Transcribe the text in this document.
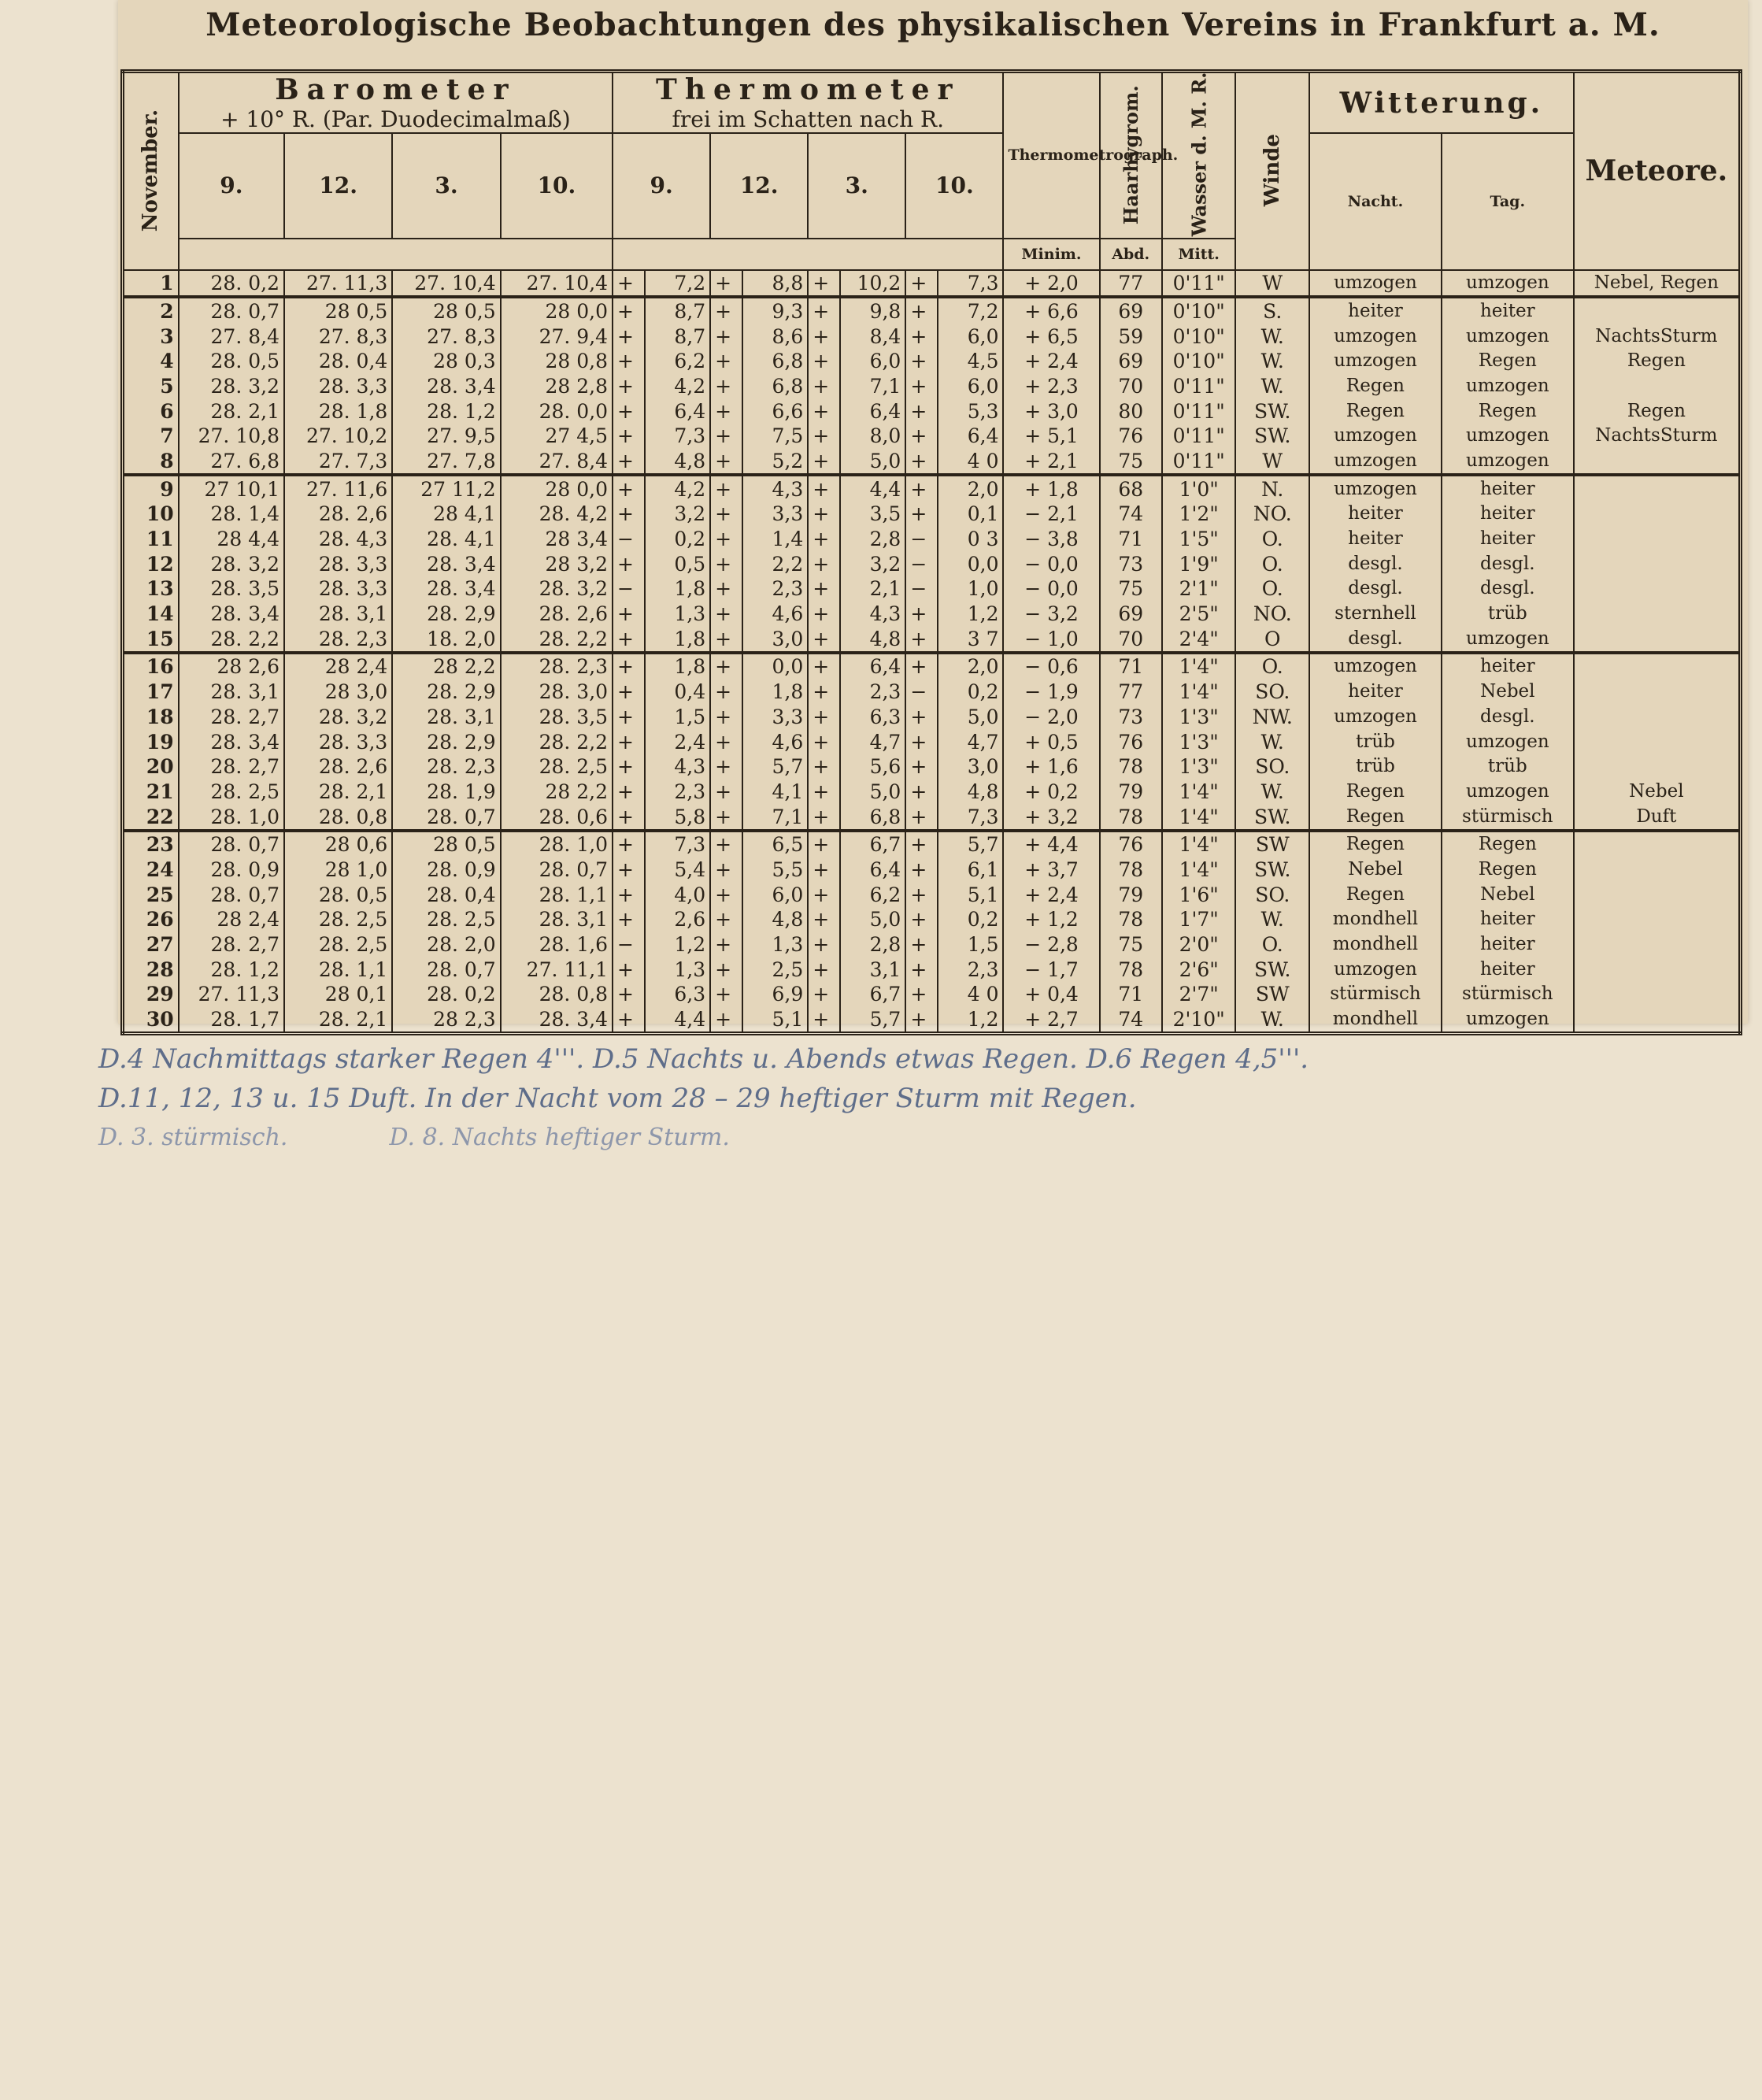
Meteorologische Beobachtungen des physikalischen Vereins in Frankfurt a. M.
November.	Barometer
+ 10° R. (Par. Duodecimalmaß)				Thermometer
frei im Schatten nach R.								Thermometrograph.	Haarhygrom.	Wasser d. M. R.	Winde	Witterung.		Meteore.
	9.	12.	3.	10.	9.		12.		3.		10.						Nacht.	Tag.	
													Minim.	Abd.	Mitt.				
1	28. 0,2	27. 11,3	27. 10,4	27. 10,4	+	7,2	+	8,8	+	10,2	+	7,3	+ 2,0	77	0'11"	W	umzogen	umzogen	Nebel, Regen
2	28. 0,7	28 0,5	28 0,5	28 0,0	+	8,7	+	9,3	+	9,8	+	7,2	+ 6,6	69	0'10"	S.	heiter	heiter	
3	27. 8,4	27. 8,3	27. 8,3	27. 9,4	+	8,7	+	8,6	+	8,4	+	6,0	+ 6,5	59	0'10"	W.	umzogen	umzogen	NachtsSturm
4	28. 0,5	28. 0,4	28 0,3	28 0,8	+	6,2	+	6,8	+	6,0	+	4,5	+ 2,4	69	0'10"	W.	umzogen	Regen	Regen
5	28. 3,2	28. 3,3	28. 3,4	28 2,8	+	4,2	+	6,8	+	7,1	+	6,0	+ 2,3	70	0'11"	W.	Regen	umzogen	
6	28. 2,1	28. 1,8	28. 1,2	28. 0,0	+	6,4	+	6,6	+	6,4	+	5,3	+ 3,0	80	0'11"	SW.	Regen	Regen	Regen
7	27. 10,8	27. 10,2	27. 9,5	27 4,5	+	7,3	+	7,5	+	8,0	+	6,4	+ 5,1	76	0'11"	SW.	umzogen	umzogen	NachtsSturm
8	27. 6,8	27. 7,3	27. 7,8	27. 8,4	+	4,8	+	5,2	+	5,0	+	4 0	+ 2,1	75	0'11"	W	umzogen	umzogen	
9	27 10,1	27. 11,6	27 11,2	28 0,0	+	4,2	+	4,3	+	4,4	+	2,0	+ 1,8	68	1'0"	N.	umzogen	heiter	
10	28. 1,4	28. 2,6	28 4,1	28. 4,2	+	3,2	+	3,3	+	3,5	+	0,1	− 2,1	74	1'2"	NO.	heiter	heiter	
11	28 4,4	28. 4,3	28. 4,1	28 3,4	−	0,2	+	1,4	+	2,8	−	0 3	− 3,8	71	1'5"	O.	heiter	heiter	
12	28. 3,2	28. 3,3	28. 3,4	28 3,2	+	0,5	+	2,2	+	3,2	−	0,0	− 0,0	73	1'9"	O.	desgl.	desgl.	
13	28. 3,5	28. 3,3	28. 3,4	28. 3,2	−	1,8	+	2,3	+	2,1	−	1,0	− 0,0	75	2'1"	O.	desgl.	desgl.	
14	28. 3,4	28. 3,1	28. 2,9	28. 2,6	+	1,3	+	4,6	+	4,3	+	1,2	− 3,2	69	2'5"	NO.	sternhell	trüb	
15	28. 2,2	28. 2,3	18. 2,0	28. 2,2	+	1,8	+	3,0	+	4,8	+	3 7	− 1,0	70	2'4"	O	desgl.	umzogen	
16	28 2,6	28 2,4	28 2,2	28. 2,3	+	1,8	+	0,0	+	6,4	+	2,0	− 0,6	71	1'4"	O.	umzogen	heiter	
17	28. 3,1	28 3,0	28. 2,9	28. 3,0	+	0,4	+	1,8	+	2,3	−	0,2	− 1,9	77	1'4"	SO.	heiter	Nebel	
18	28. 2,7	28. 3,2	28. 3,1	28. 3,5	+	1,5	+	3,3	+	6,3	+	5,0	− 2,0	73	1'3"	NW.	umzogen	desgl.	
19	28. 3,4	28. 3,3	28. 2,9	28. 2,2	+	2,4	+	4,6	+	4,7	+	4,7	+ 0,5	76	1'3"	W.	trüb	umzogen	
20	28. 2,7	28. 2,6	28. 2,3	28. 2,5	+	4,3	+	5,7	+	5,6	+	3,0	+ 1,6	78	1'3"	SO.	trüb	trüb	
21	28. 2,5	28. 2,1	28. 1,9	28 2,2	+	2,3	+	4,1	+	5,0	+	4,8	+ 0,2	79	1'4"	W.	Regen	umzogen	Nebel
22	28. 1,0	28. 0,8	28. 0,7	28. 0,6	+	5,8	+	7,1	+	6,8	+	7,3	+ 3,2	78	1'4"	SW.	Regen	stürmisch	Duft
23	28. 0,7	28 0,6	28 0,5	28. 1,0	+	7,3	+	6,5	+	6,7	+	5,7	+ 4,4	76	1'4"	SW	Regen	Regen	
24	28. 0,9	28 1,0	28. 0,9	28. 0,7	+	5,4	+	5,5	+	6,4	+	6,1	+ 3,7	78	1'4"	SW.	Nebel	Regen	
25	28. 0,7	28. 0,5	28. 0,4	28. 1,1	+	4,0	+	6,0	+	6,2	+	5,1	+ 2,4	79	1'6"	SO.	Regen	Nebel	
26	28 2,4	28. 2,5	28. 2,5	28. 3,1	+	2,6	+	4,8	+	5,0	+	0,2	+ 1,2	78	1'7"	W.	mondhell	heiter	
27	28. 2,7	28. 2,5	28. 2,0	28. 1,6	−	1,2	+	1,3	+	2,8	+	1,5	− 2,8	75	2'0"	O.	mondhell	heiter	
28	28. 1,2	28. 1,1	28. 0,7	27. 11,1	+	1,3	+	2,5	+	3,1	+	2,3	− 1,7	78	2'6"	SW.	umzogen	heiter	
29	27. 11,3	28 0,1	28. 0,2	28. 0,8	+	6,3	+	6,9	+	6,7	+	4 0	+ 0,4	71	2'7"	SW	stürmisch	stürmisch	
30	28. 1,7	28. 2,1	28 2,3	28. 3,4	+	4,4	+	5,1	+	5,7	+	1,2	+ 2,7	74	2'10"	W.	mondhell	umzogen	
D.4 Nachmittags starker Regen 4'''. D.5 Nachts u. Abends etwas Regen. D.6 Regen 4,5'''.
D.11, 12, 13 u. 15 Duft. In der Nacht vom 28 – 29 heftiger Sturm mit Regen.
D. 3. stürmisch.	D. 8. Nachts heftiger Sturm.
